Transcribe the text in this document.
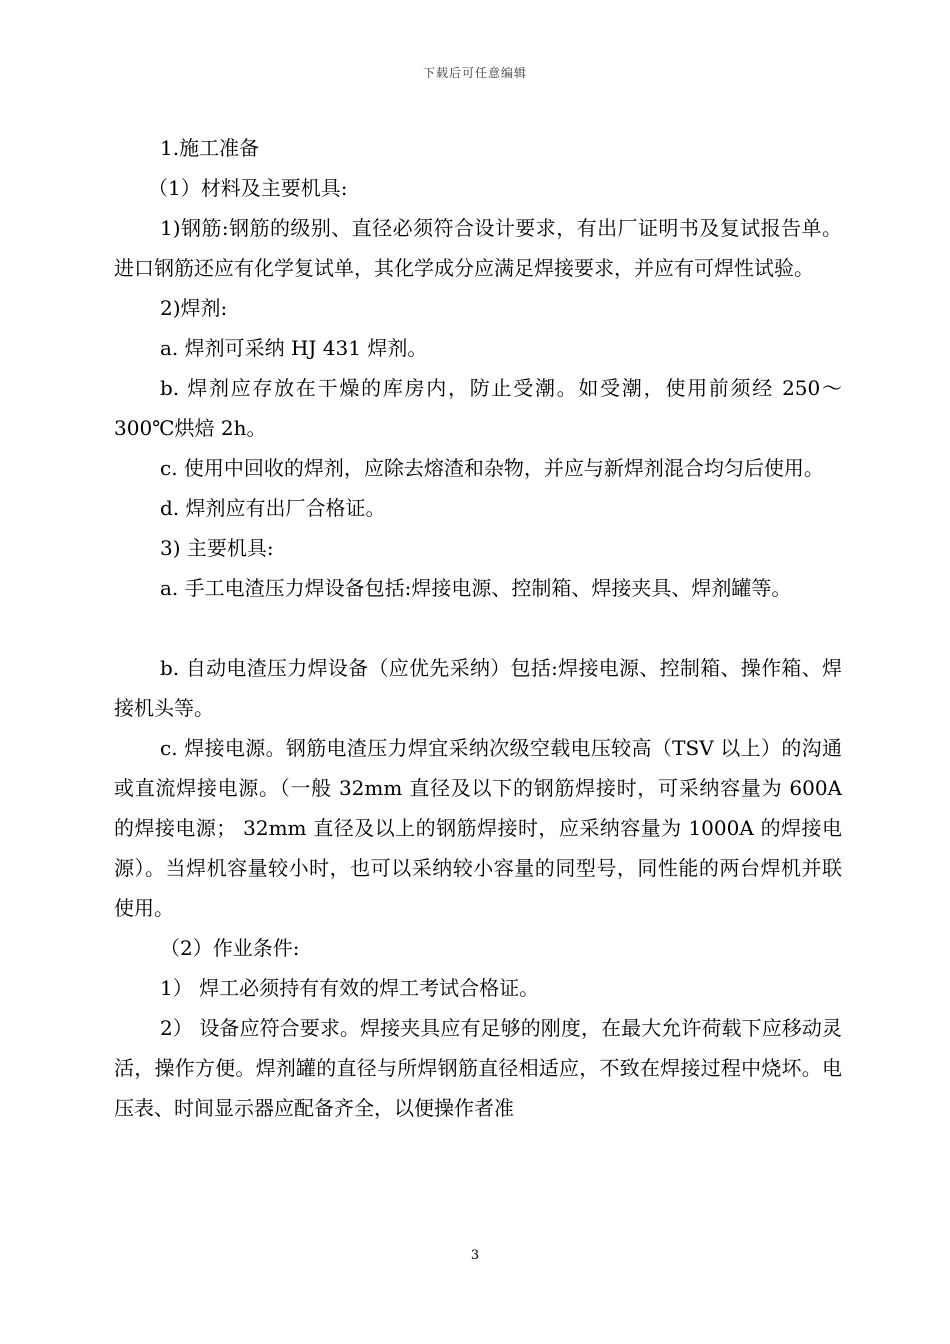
下载后可任意编辑

1.施工准备

（1）材料及主要机具:

1)钢筋:钢筋的级别、直径必须符合设计要求，有出厂证明书及复试报告单。进口钢筋还应有化学复试单，其化学成分应满足焊接要求，并应有可焊性试验。

2)焊剂:

a. 焊剂可采纳 HJ 431 焊剂。

b. 焊剂应存放在干燥的库房内，防止受潮。如受潮，使用前须经 250～300℃烘焙 2h。

c. 使用中回收的焊剂，应除去熔渣和杂物，并应与新焊剂混合均匀后使用。

d. 焊剂应有出厂合格证。

3) 主要机具:

a. 手工电渣压力焊设备包括:焊接电源、控制箱、焊接夹具、焊剂罐等。

b. 自动电渣压力焊设备（应优先采纳）包括:焊接电源、控制箱、操作箱、焊接机头等。

c. 焊接电源。钢筋电渣压力焊宜采纳次级空载电压较高（TSV 以上）的沟通或直流焊接电源。（一般 32mm 直径及以下的钢筋焊接时，可采纳容量为 600A 的焊接电源； 32mm 直径及以上的钢筋焊接时，应采纳容量为 1000A 的焊接电源）。当焊机容量较小时，也可以采纳较小容量的同型号，同性能的两台焊机并联使用。

（2）作业条件:

1） 焊工必须持有有效的焊工考试合格证。

2） 设备应符合要求。焊接夹具应有足够的刚度，在最大允许荷载下应移动灵活，操作方便。焊剂罐的直径与所焊钢筋直径相适应，不致在焊接过程中烧坏。电压表、时间显示器应配备齐全，以便操作者准

3
